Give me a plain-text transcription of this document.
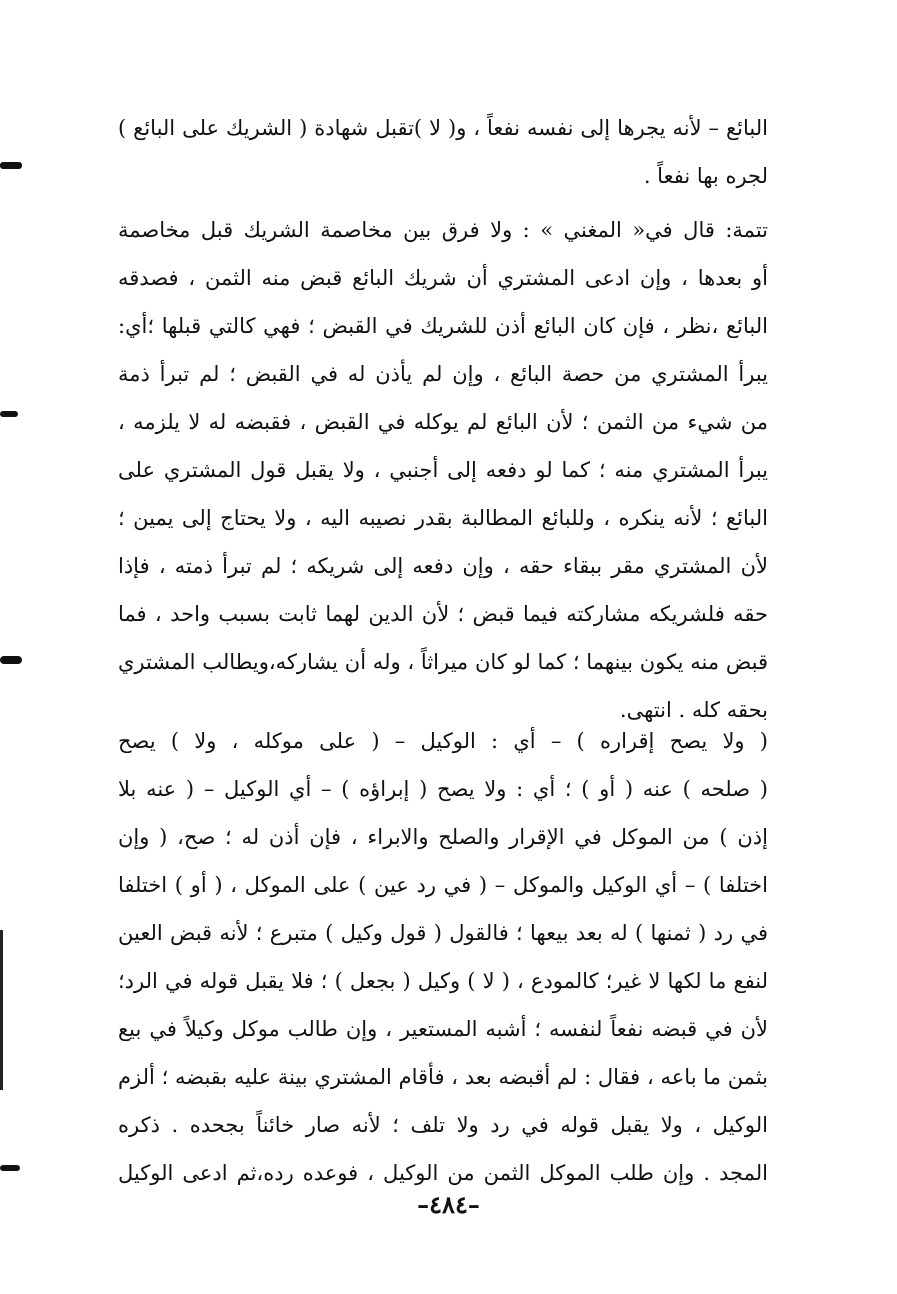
البائع – لأنه يجرها إلى نفسه نفعاً ، و( لا )تقبل شهادة ( الشريك على البائع )
لجره بها نفعاً .
تتمة: قال في« المغني » : ولا فرق بين مخاصمة الشريك قبل مخاصمة
أو بعدها ، وإن ادعى المشتري أن شريك البائع قبض منه الثمن ، فصدقه
البائع ،نظر ، فإن كان البائع أذن للشريك في القبض ؛ فهي كالتي قبلها ؛أي:
يبرأ المشتري من حصة البائع ، وإن لم يأذن له في القبض ؛ لم تبرأ ذمة
من شيء من الثمن ؛ لأن البائع لم يوكله في القبض ، فقبضه له لا يلزمه ،
يبرأ المشتري منه ؛ كما لو دفعه إلى أجنبي ، ولا يقبل قول المشتري على
البائع ؛ لأنه ينكره ، وللبائع المطالبة بقدر نصيبه اليه ، ولا يحتاج إلى يمين ؛
لأن المشتري مقر ببقاء حقه ، وإن دفعه إلى شريكه ؛ لم تبرأ ذمته ، فإذا
حقه فلشريكه مشاركته فيما قبض ؛ لأن الدين لهما ثابت بسبب واحد ، فما
قبض منه يكون بينهما ؛ كما لو كان ميراثاً ، وله أن يشاركه،ويطالب المشتري
بحقه كله . انتهى.
( ولا يصح إقراره ) – أي : الوكيل – ( على موكله ، ولا ) يصح
( صلحه ) عنه ( أو ) ؛ أي : ولا يصح ( إبراؤه ) – أي الوكيل – ( عنه بلا
إذن ) من الموكل في الإقرار والصلح والابراء ، فإن أذن له ؛ صح، ( وإن
اختلفا ) – أي الوكيل والموكل – ( في رد عين ) على الموكل ، ( أو ) اختلفا
في رد ( ثمنها ) له بعد بيعها ؛ فالقول ( قول وكيل ) متبرع ؛ لأنه قبض العين
لنفع ما لكها لا غير؛ كالمودع ، ( لا ) وكيل ( بجعل ) ؛ فلا يقبل قوله في الرد؛
لأن في قبضه نفعاً لنفسه ؛ أشبه المستعير ، وإن طالب موكل وكيلاً في بيع
بثمن ما باعه ، فقال : لم أقبضه بعد ، فأقام المشتري بينة عليه بقبضه ؛ ألزم
الوكيل ، ولا يقبل قوله في رد ولا تلف ؛ لأنه صار خائناً بجحده . ذكره
المجد . وإن طلب الموكل الثمن من الوكيل ، فوعده رده،ثم ادعى الوكيل
–٤٨٤–
